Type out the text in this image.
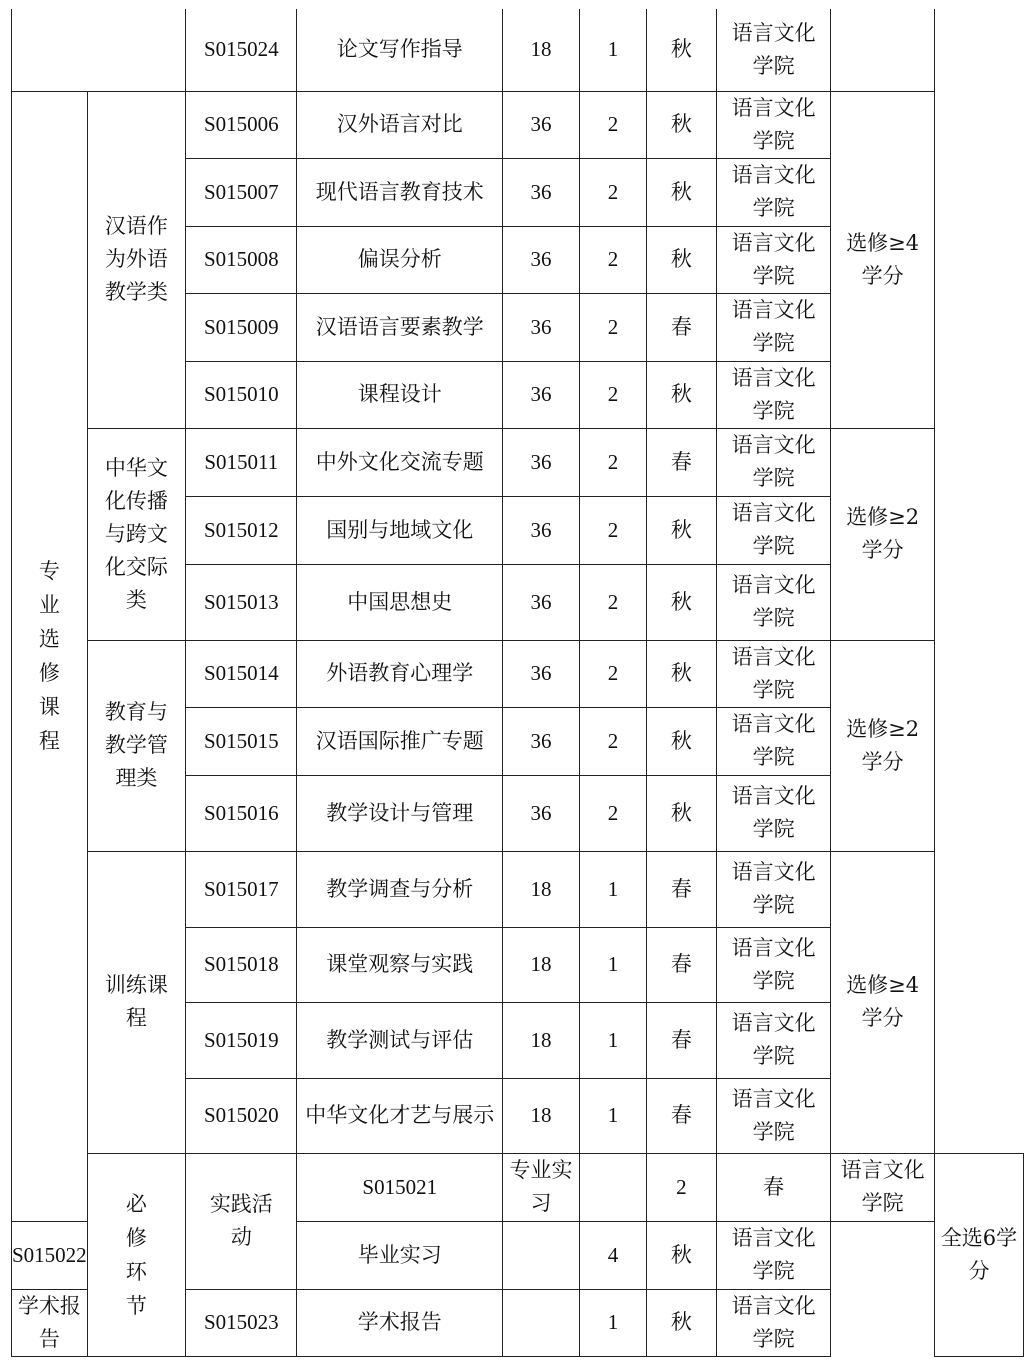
		S015024	论文写作指导	18	1	秋	语言文化学院		
专业选修课程	汉语作为外语教学类	S015006	汉外语言对比	36	2	秋	语言文化学院	选修≥4学分	
		S015007	现代语言教育技术	36	2	秋	语言文化学院		
		S015008	偏误分析	36	2	秋	语言文化学院		
		S015009	汉语语言要素教学	36	2	春	语言文化学院		
		S015010	课程设计	36	2	秋	语言文化学院		
	中华文化传播与跨文化交际类	S015011	中外文化交流专题	36	2	春	语言文化学院	选修≥2学分	
		S015012	国别与地域文化	36	2	秋	语言文化学院		
		S015013	中国思想史	36	2	秋	语言文化学院		
	教育与教学管理类	S015014	外语教育心理学	36	2	秋	语言文化学院	选修≥2学分	
		S015015	汉语国际推广专题	36	2	秋	语言文化学院		
		S015016	教学设计与管理	36	2	秋	语言文化学院		
	训练课程	S015017	教学调查与分析	18	1	春	语言文化学院	选修≥4学分	
		S015018	课堂观察与实践	18	1	春	语言文化学院		
		S015019	教学测试与评估	18	1	春	语言文化学院		
		S015020	中华文化才艺与展示	18	1	春	语言文化学院		
	必修环节	实践活动	S015021	专业实习		2	春	语言文化学院	全选6学分
S015022			毕业实习		4	秋	语言文化学院		
学术报告		S015023	学术报告		1	秋	语言文化学院		
